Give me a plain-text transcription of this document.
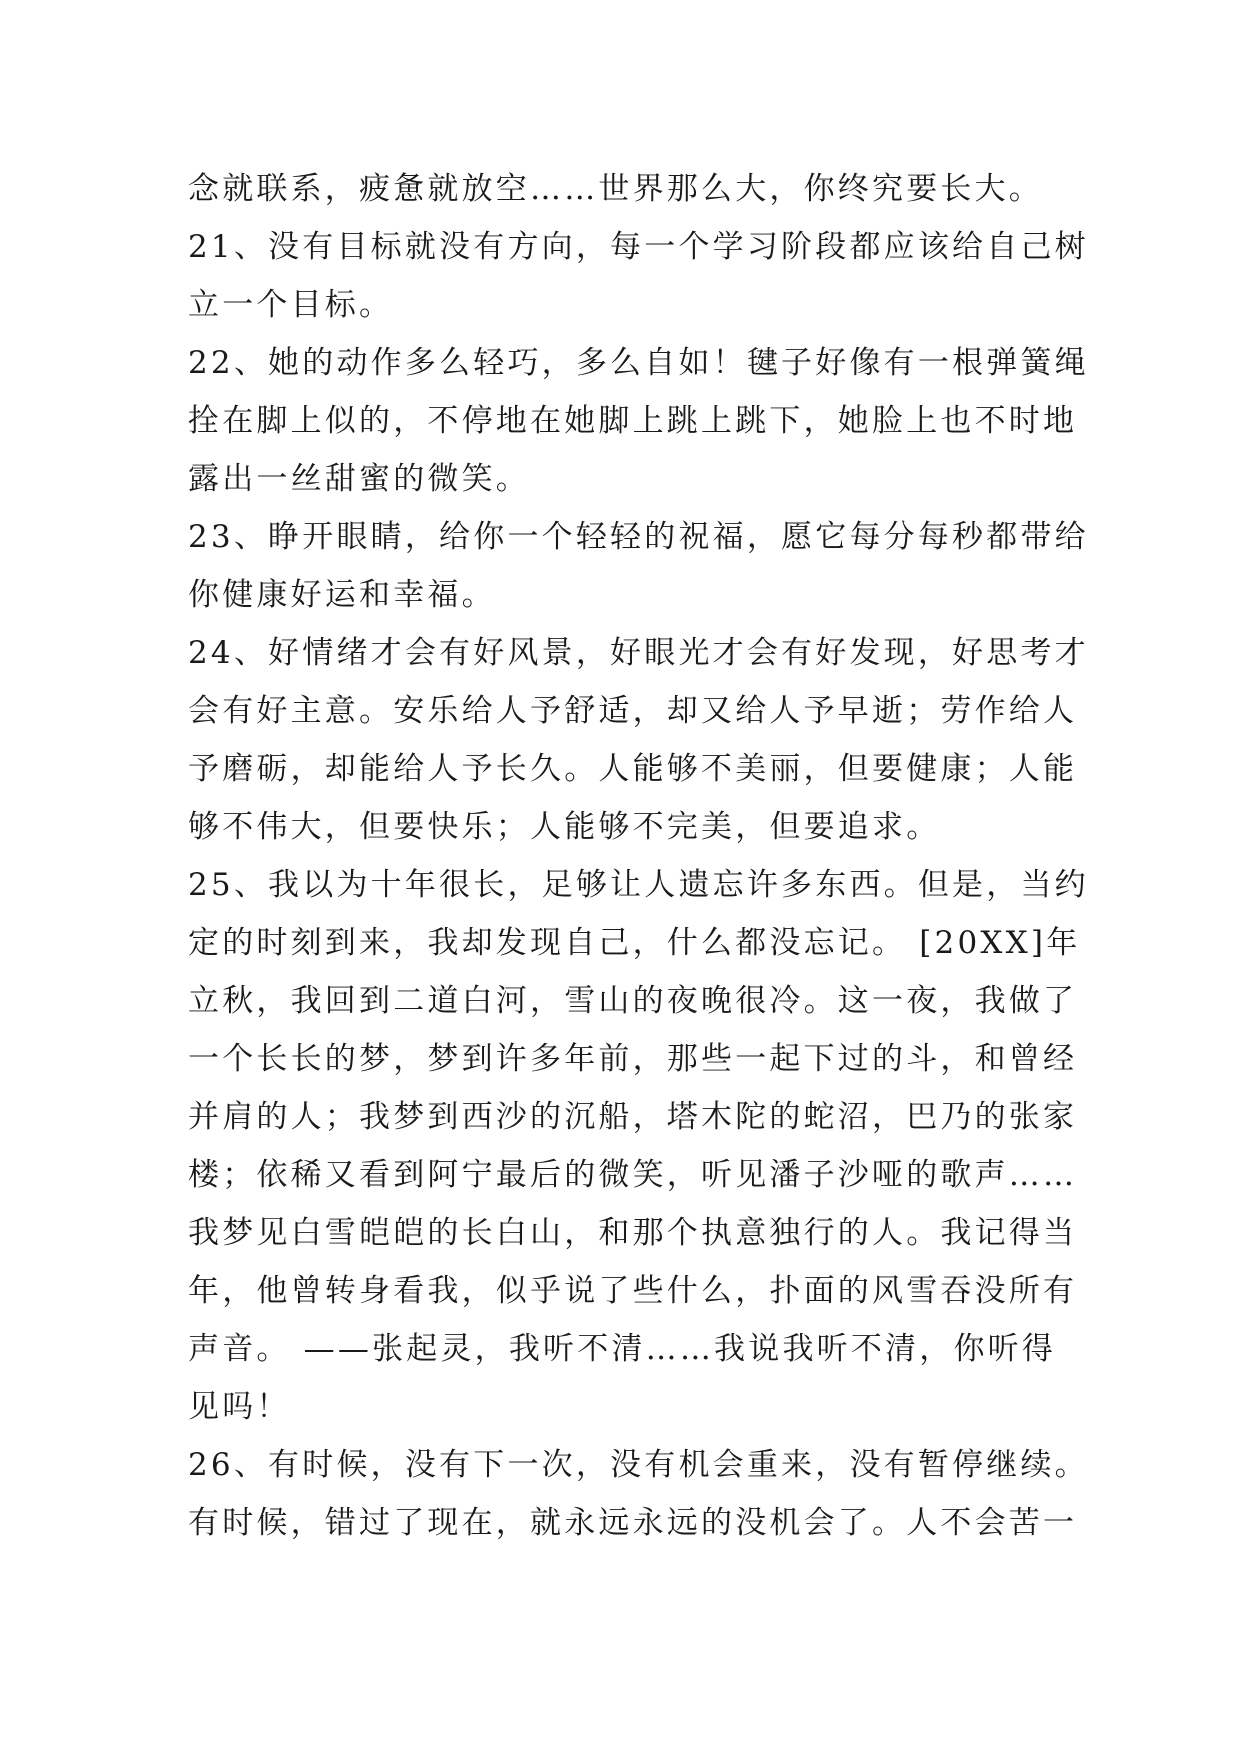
念就联系，疲惫就放空……世界那么大，你终究要长大。
21、没有目标就没有方向，每一个学习阶段都应该给自己树
立一个目标。
22、她的动作多么轻巧，多么自如！毽子好像有一根弹簧绳
拴在脚上似的，不停地在她脚上跳上跳下，她脸上也不时地
露出一丝甜蜜的微笑。
23、睁开眼睛，给你一个轻轻的祝福，愿它每分每秒都带给
你健康好运和幸福。
24、好情绪才会有好风景，好眼光才会有好发现，好思考才
会有好主意。安乐给人予舒适，却又给人予早逝；劳作给人
予磨砺，却能给人予长久。人能够不美丽，但要健康；人能
够不伟大，但要快乐；人能够不完美，但要追求。
25、我以为十年很长，足够让人遗忘许多东西。但是，当约
定的时刻到来，我却发现自己，什么都没忘记。 [20XX]年
立秋，我回到二道白河，雪山的夜晚很冷。这一夜，我做了
一个长长的梦，梦到许多年前，那些一起下过的斗，和曾经
并肩的人；我梦到西沙的沉船，塔木陀的蛇沼，巴乃的张家
楼；依稀又看到阿宁最后的微笑，听见潘子沙哑的歌声……
我梦见白雪皑皑的长白山，和那个执意独行的人。我记得当
年，他曾转身看我，似乎说了些什么，扑面的风雪吞没所有
声音。 ——张起灵，我听不清……我说我听不清，你听得
见吗！
26、有时候，没有下一次，没有机会重来，没有暂停继续。
有时候，错过了现在，就永远永远的没机会了。人不会苦一
